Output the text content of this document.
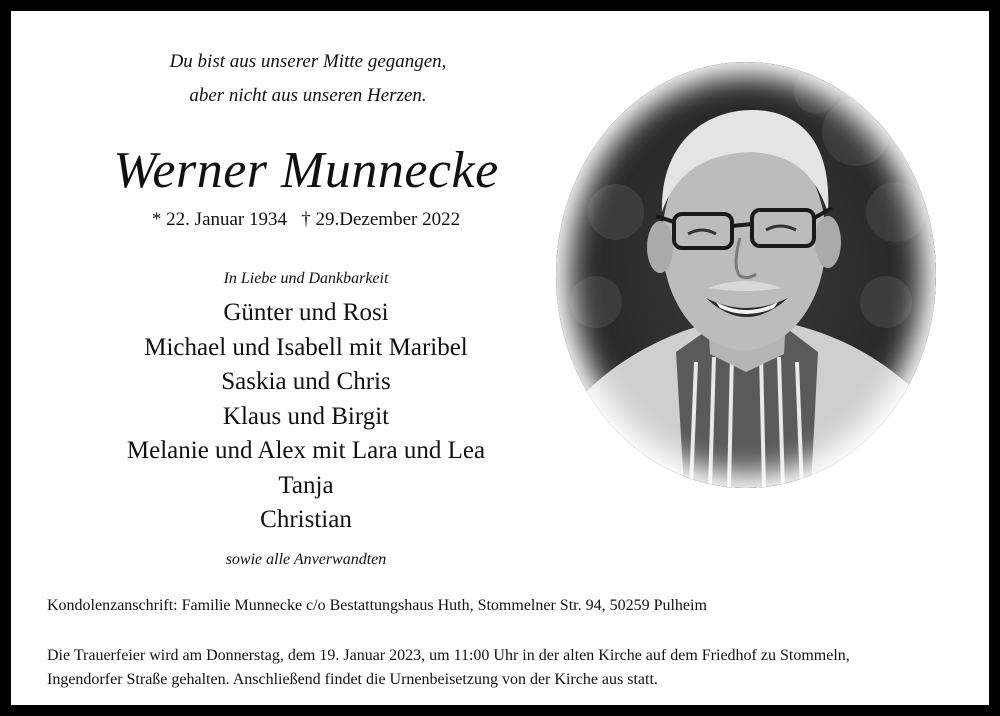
Du bist aus unserer Mitte gegangen,
aber nicht aus unseren Herzen.
Werner Munnecke
* 22. Januar 1934 † 29.Dezember 2022
In Liebe und Dankbarkeit
Günter und Rosi
Michael und Isabell mit Maribel
Saskia und Chris
Klaus und Birgit
Melanie und Alex mit Lara und Lea
Tanja
Christian
sowie alle Anverwandten
Kondolenzanschrift: Familie Munnecke c/o Bestattungshaus Huth, Stommelner Str. 94, 50259 Pulheim
Die Trauerfeier wird am Donnerstag, dem 19. Januar 2023, um 11:00 Uhr in der alten Kirche auf dem Friedhof zu Stommeln,
Ingendorfer Straße gehalten. Anschließend findet die Urnenbeisetzung von der Kirche aus statt.
